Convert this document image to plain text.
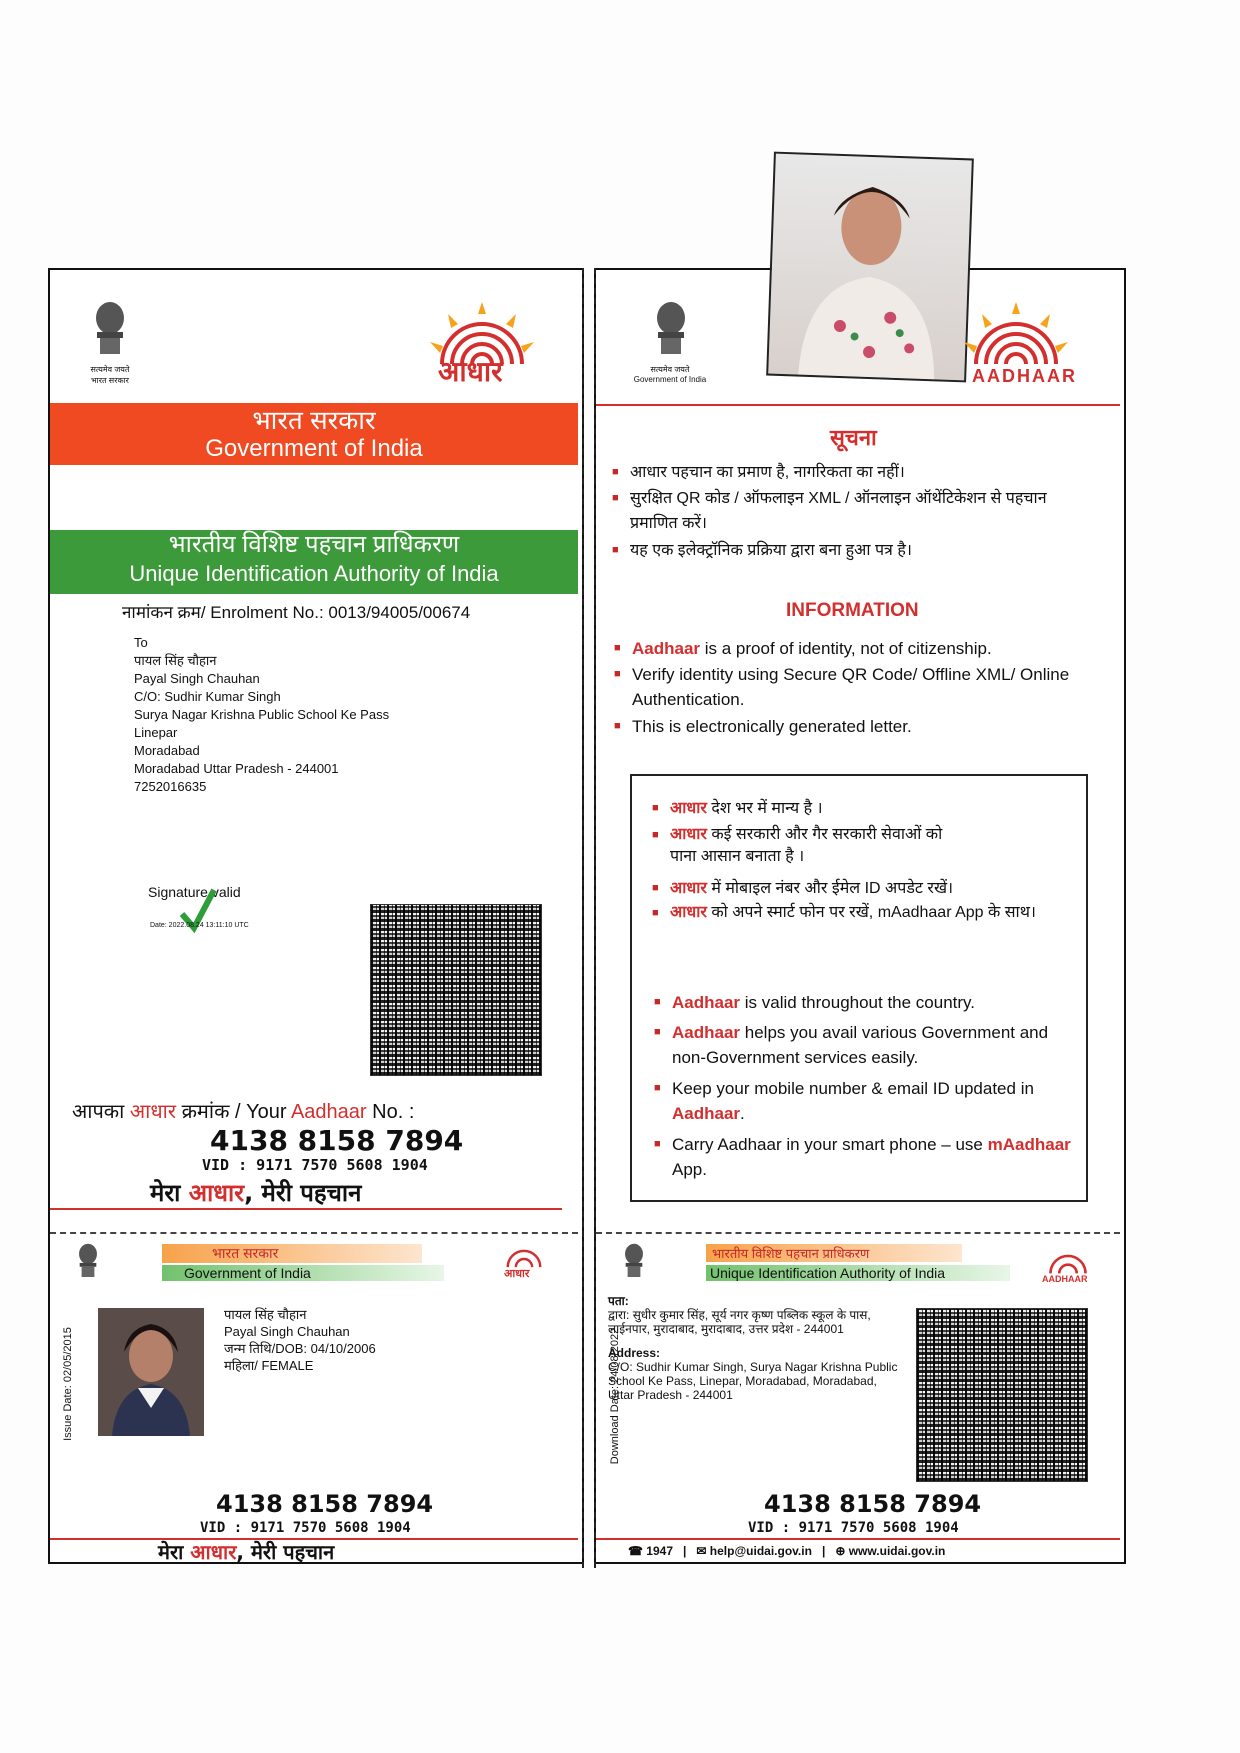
सत्यमेव जयते
भारत सरकार	आधार
भारत सरकार
Government of India
भारतीय विशिष्ट पहचान प्राधिकरण
Unique Identification Authority of India
नामांकन क्रम/ Enrolment No.: 0013/94005/00674
To
पायल सिंह चौहान
Payal Singh Chauhan
C/O: Sudhir Kumar Singh
Surya Nagar Krishna Public School Ke Pass
Linepar
Moradabad
Moradabad Uttar Pradesh - 244001
7252016635
Signature valid
Date: 2022.08.24 13:11:10 UTC
आपका आधार क्रमांक / Your Aadhaar No. :
4138 8158 7894
VID : 9171 7570 5608 1904
मेरा आधार, मेरी पहचान
सत्यमेव जयते
Government of India	AADHAAR
सूचना
■ आधार पहचान का प्रमाण है, नागरिकता का नहीं।
■ सुरक्षित QR कोड / ऑफलाइन XML / ऑनलाइन ऑथेंटिकेशन से पहचान प्रमाणित करें।
■ यह एक इलेक्ट्रॉनिक प्रक्रिया द्वारा बना हुआ पत्र है।
INFORMATION
■ Aadhaar is a proof of identity, not of citizenship.
■ Verify identity using Secure QR Code/ Offline XML/ Online Authentication.
■ This is electronically generated letter.
■ आधार देश भर में मान्य है ।
■ आधार कई सरकारी और गैर सरकारी सेवाओं को पाना आसान बनाता है ।
■ आधार में मोबाइल नंबर और ईमेल ID अपडेट रखें।
■ आधार को अपने स्मार्ट फोन पर रखें, mAadhaar App के साथ।
■ Aadhaar is valid throughout the country.
■ Aadhaar helps you avail various Government and non-Government services easily.
■ Keep your mobile number & email ID updated in Aadhaar.
■ Carry Aadhaar in your smart phone – use mAadhaar App.
भारत सरकार
Government of India	आधार
Issue Date: 02/05/2015
पायल सिंह चौहान
Payal Singh Chauhan
जन्म तिथि/DOB: 04/10/2006
महिला/ FEMALE
4138 8158 7894
VID : 9171 7570 5608 1904
मेरा आधार, मेरी पहचान
भारतीय विशिष्ट पहचान प्राधिकरण
Unique Identification Authority of India	AADHAAR
Download Date: 24/08/2022
पता:
द्वारा: सुधीर कुमार सिंह, सूर्य नगर कृष्ण पब्लिक स्कूल के पास, लाईनपार, मुरादाबाद, मुरादाबाद, उत्तर प्रदेश - 244001
Address:
C/O: Sudhir Kumar Singh, Surya Nagar Krishna Public School Ke Pass, Linepar, Moradabad, Moradabad, Uttar Pradesh - 244001
4138 8158 7894
VID : 9171 7570 5608 1904
☎ 1947   |   ✉ help@uidai.gov.in   |   ⊕ www.uidai.gov.in
